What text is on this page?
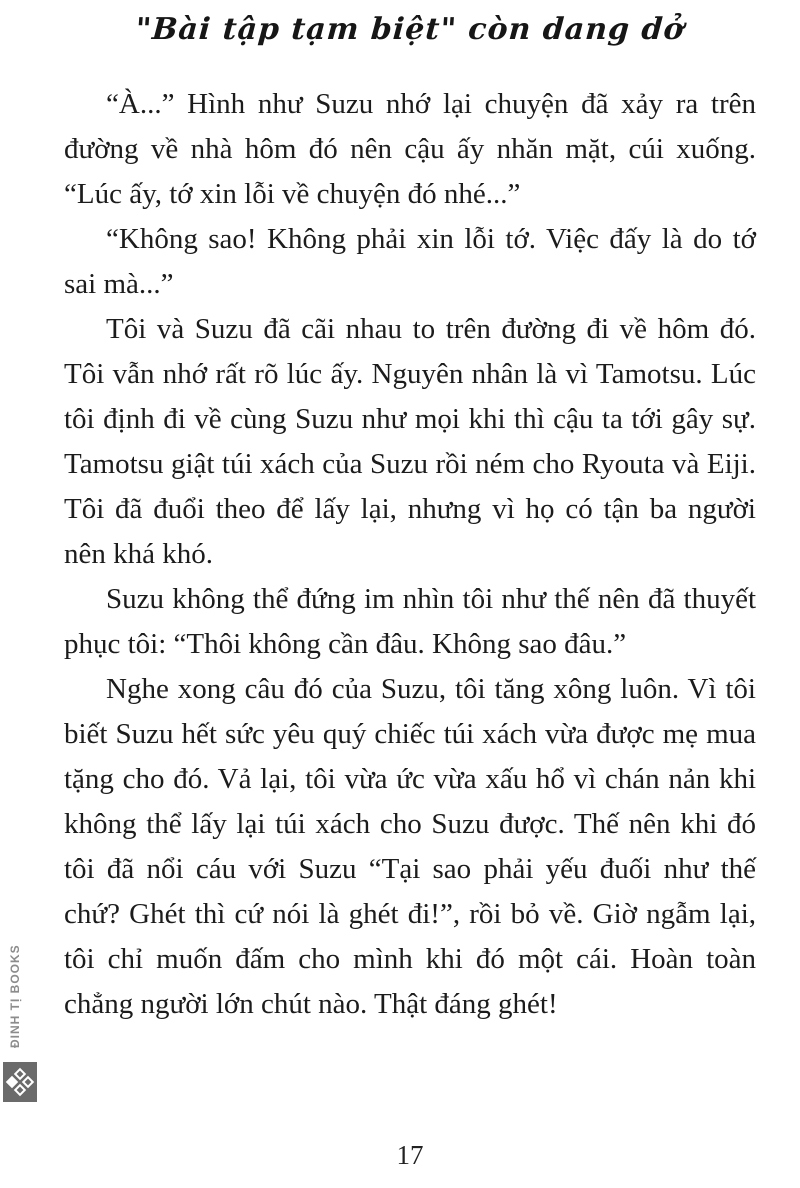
"Bài tập tạm biệt" còn dang dở

“À...” Hình như Suzu nhớ lại chuyện đã xảy ra trên đường về nhà hôm đó nên cậu ấy nhăn mặt, cúi xuống. “Lúc ấy, tớ xin lỗi về chuyện đó nhé...”

“Không sao! Không phải xin lỗi tớ. Việc đấy là do tớ sai mà...”

Tôi và Suzu đã cãi nhau to trên đường đi về hôm đó. Tôi vẫn nhớ rất rõ lúc ấy. Nguyên nhân là vì Tamotsu. Lúc tôi định đi về cùng Suzu như mọi khi thì cậu ta tới gây sự. Tamotsu giật túi xách của Suzu rồi ném cho Ryouta và Eiji. Tôi đã đuổi theo để lấy lại, nhưng vì họ có tận ba người nên khá khó.

Suzu không thể đứng im nhìn tôi như thế nên đã thuyết phục tôi: “Thôi không cần đâu. Không sao đâu.”

Nghe xong câu đó của Suzu, tôi tăng xông luôn. Vì tôi biết Suzu hết sức yêu quý chiếc túi xách vừa được mẹ mua tặng cho đó. Vả lại, tôi vừa ức vừa xấu hổ vì chán nản khi không thể lấy lại túi xách cho Suzu được. Thế nên khi đó tôi đã nổi cáu với Suzu “Tại sao phải yếu đuối như thế chứ? Ghét thì cứ nói là ghét đi!”, rồi bỏ về. Giờ ngẫm lại, tôi chỉ muốn đấm cho mình khi đó một cái. Hoàn toàn chẳng người lớn chút nào. Thật đáng ghét!

ĐINH TỊ BOOKS
17
